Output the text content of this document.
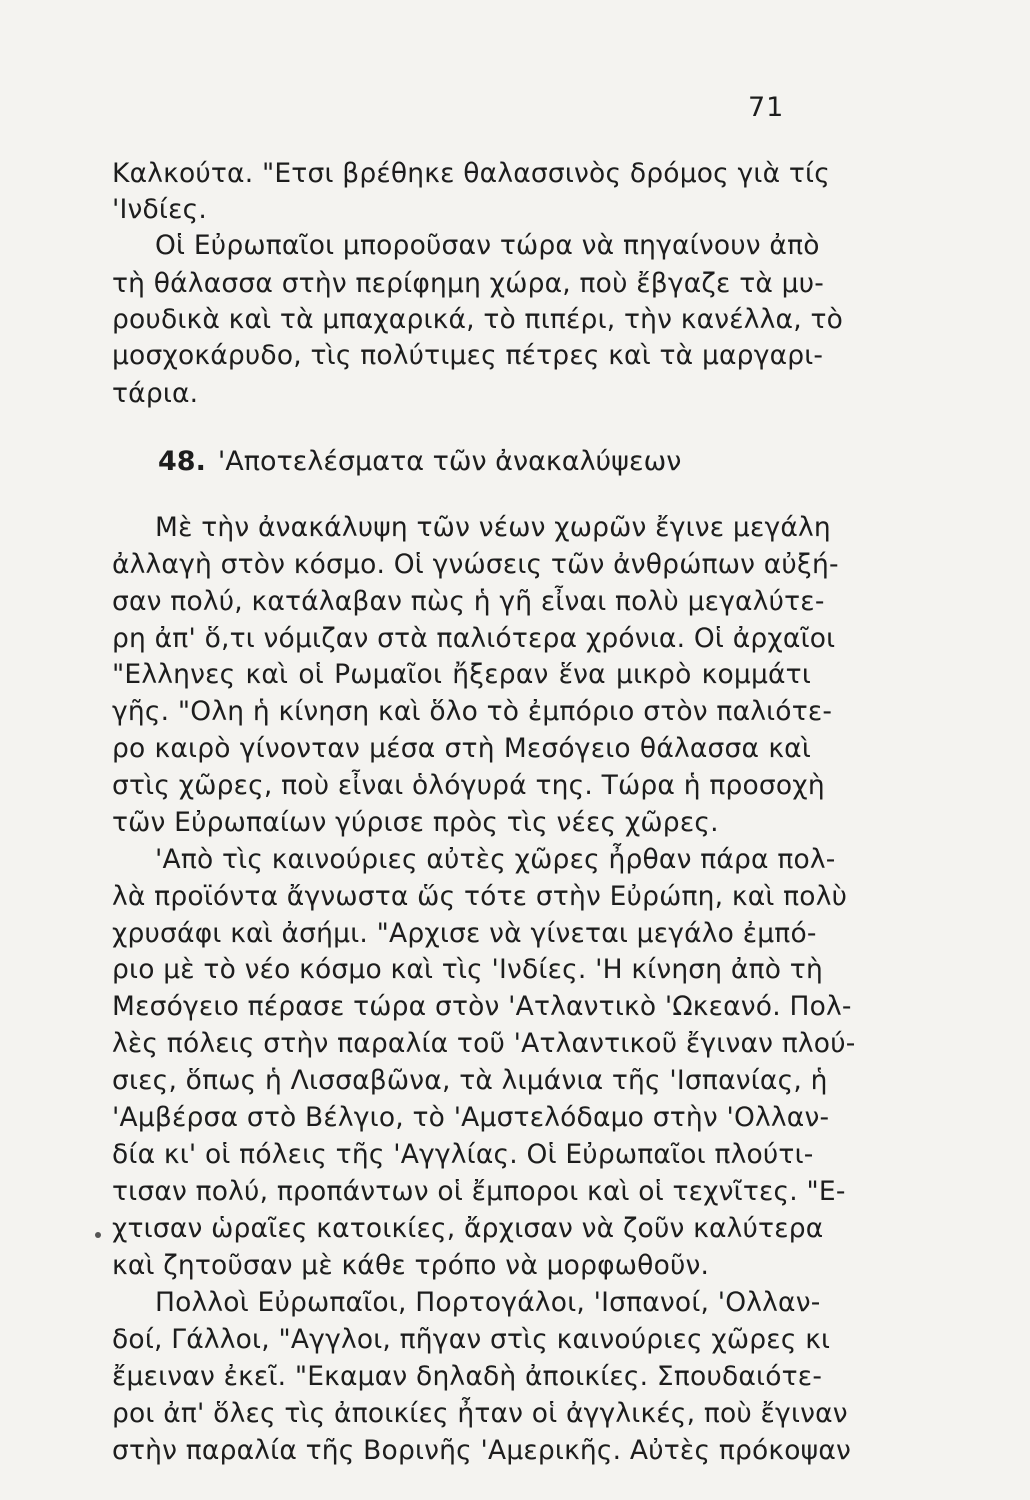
71
Καλκούτα. "Ετσι βρέθηκε θαλασσινὸς δρόμος γιὰ τίς
'Ινδίες.
Οἱ Εὐρωπαῖοι μποροῦσαν τώρα νὰ πηγαίνουν ἀπὸ
τὴ θάλασσα στὴν περίφημη χώρα, ποὺ ἔβγαζε τὰ μυ-
ρουδικὰ καὶ τὰ μπαχαρικά, τὸ πιπέρι, τὴν κανέλλα, τὸ
μοσχοκάρυδο, τὶς πολύτιμες πέτρες καὶ τὰ μαργαρι-
τάρια.
48. 'Αποτελέσματα τῶν ἀνακαλύψεων
Μὲ τὴν ἀνακάλυψη τῶν νέων χωρῶν ἔγινε μεγάλη
ἀλλαγὴ στὸν κόσμο. Οἱ γνώσεις τῶν ἀνθρώπων αὐξή-
σαν πολύ, κατάλαβαν πὼς ἡ γῆ εἶναι πολὺ μεγαλύτε-
ρη ἀπ' ὅ,τι νόμιζαν στὰ παλιότερα χρόνια. Οἱ ἀρχαῖοι
"Ελληνες καὶ οἱ Ρωμαῖοι ἤξεραν ἕνα μικρὸ κομμάτι
γῆς. "Ολη ἡ κίνηση καὶ ὅλο τὸ ἐμπόριο στὸν παλιότε-
ρο καιρὸ γίνονταν μέσα στὴ Μεσόγειο θάλασσα καὶ
στὶς χῶρες, ποὺ εἶναι ὁλόγυρά της. Τώρα ἡ προσοχὴ
τῶν Εὐρωπαίων γύρισε πρὸς τὶς νέες χῶρες.
'Απὸ τὶς καινούριες αὐτὲς χῶρες ἦρθαν πάρα πολ-
λὰ προϊόντα ἄγνωστα ὥς τότε στὴν Εὐρώπη, καὶ πολὺ
χρυσάφι καὶ ἀσήμι. "Αρχισε νὰ γίνεται μεγάλο ἐμπό-
ριο μὲ τὸ νέο κόσμο καὶ τὶς 'Ινδίες. 'Η κίνηση ἀπὸ τὴ
Μεσόγειο πέρασε τώρα στὸν 'Ατλαντικὸ 'Ωκεανό. Πολ-
λὲς πόλεις στὴν παραλία τοῦ 'Ατλαντικοῦ ἔγιναν πλού-
σιες, ὅπως ἡ Λισσαβῶνα, τὰ λιμάνια τῆς 'Ισπανίας, ἡ
'Αμβέρσα στὸ Βέλγιο, τὸ 'Αμστελόδαμο στὴν 'Ολλαν-
δία κι' οἱ πόλεις τῆς 'Αγγλίας. Οἱ Εὐρωπαῖοι πλούτι-
τισαν πολύ, προπάντων οἱ ἔμποροι καὶ οἱ τεχνῖτες. "Ε-
χτισαν ὡραῖες κατοικίες, ἄρχισαν νὰ ζοῦν καλύτερα
καὶ ζητοῦσαν μὲ κάθε τρόπο νὰ μορφωθοῦν.
Πολλοὶ Εὐρωπαῖοι, Πορτογάλοι, 'Ισπανοί, 'Ολλαν-
δοί, Γάλλοι, "Αγγλοι, πῆγαν στὶς καινούριες χῶρες κι
ἔμειναν ἐκεῖ. "Εκαμαν δηλαδὴ ἀποικίες. Σπουδαιότε-
ροι ἀπ' ὅλες τὶς ἀποικίες ἦταν οἱ ἀγγλικές, ποὺ ἔγιναν
στὴν παραλία τῆς Βορινῆς 'Αμερικῆς. Αὐτὲς πρόκοψαν
